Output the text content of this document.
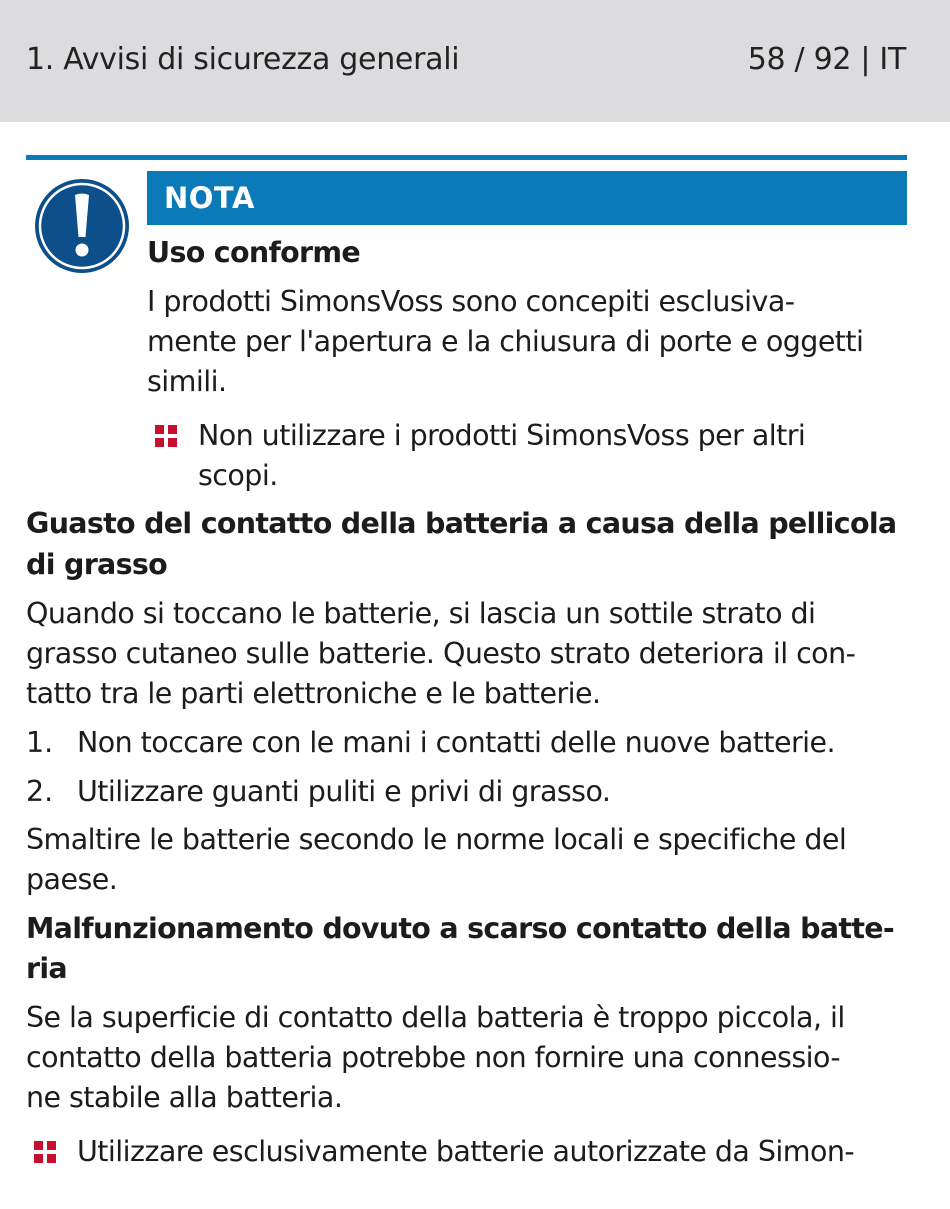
1. Avvisi di sicurezza generali	58 / 92 | IT
NOTA
Uso conforme
I prodotti SimonsVoss sono concepiti esclusiva-
mente per l'apertura e la chiusura di porte e oggetti
simili.
Non utilizzare i prodotti SimonsVoss per altri
scopi.
Guasto del contatto della batteria a causa della pellicola
di grasso
Quando si toccano le batterie, si lascia un sottile strato di
grasso cutaneo sulle batterie. Questo strato deteriora il con-
tatto tra le parti elettroniche e le batterie.
1. Non toccare con le mani i contatti delle nuove batterie.
2. Utilizzare guanti puliti e privi di grasso.
Smaltire le batterie secondo le norme locali e specifiche del
paese.
Malfunzionamento dovuto a scarso contatto della batte-
ria
Se la superficie di contatto della batteria è troppo piccola, il
contatto della batteria potrebbe non fornire una connessio-
ne stabile alla batteria.
Utilizzare esclusivamente batterie autorizzate da Simon-
